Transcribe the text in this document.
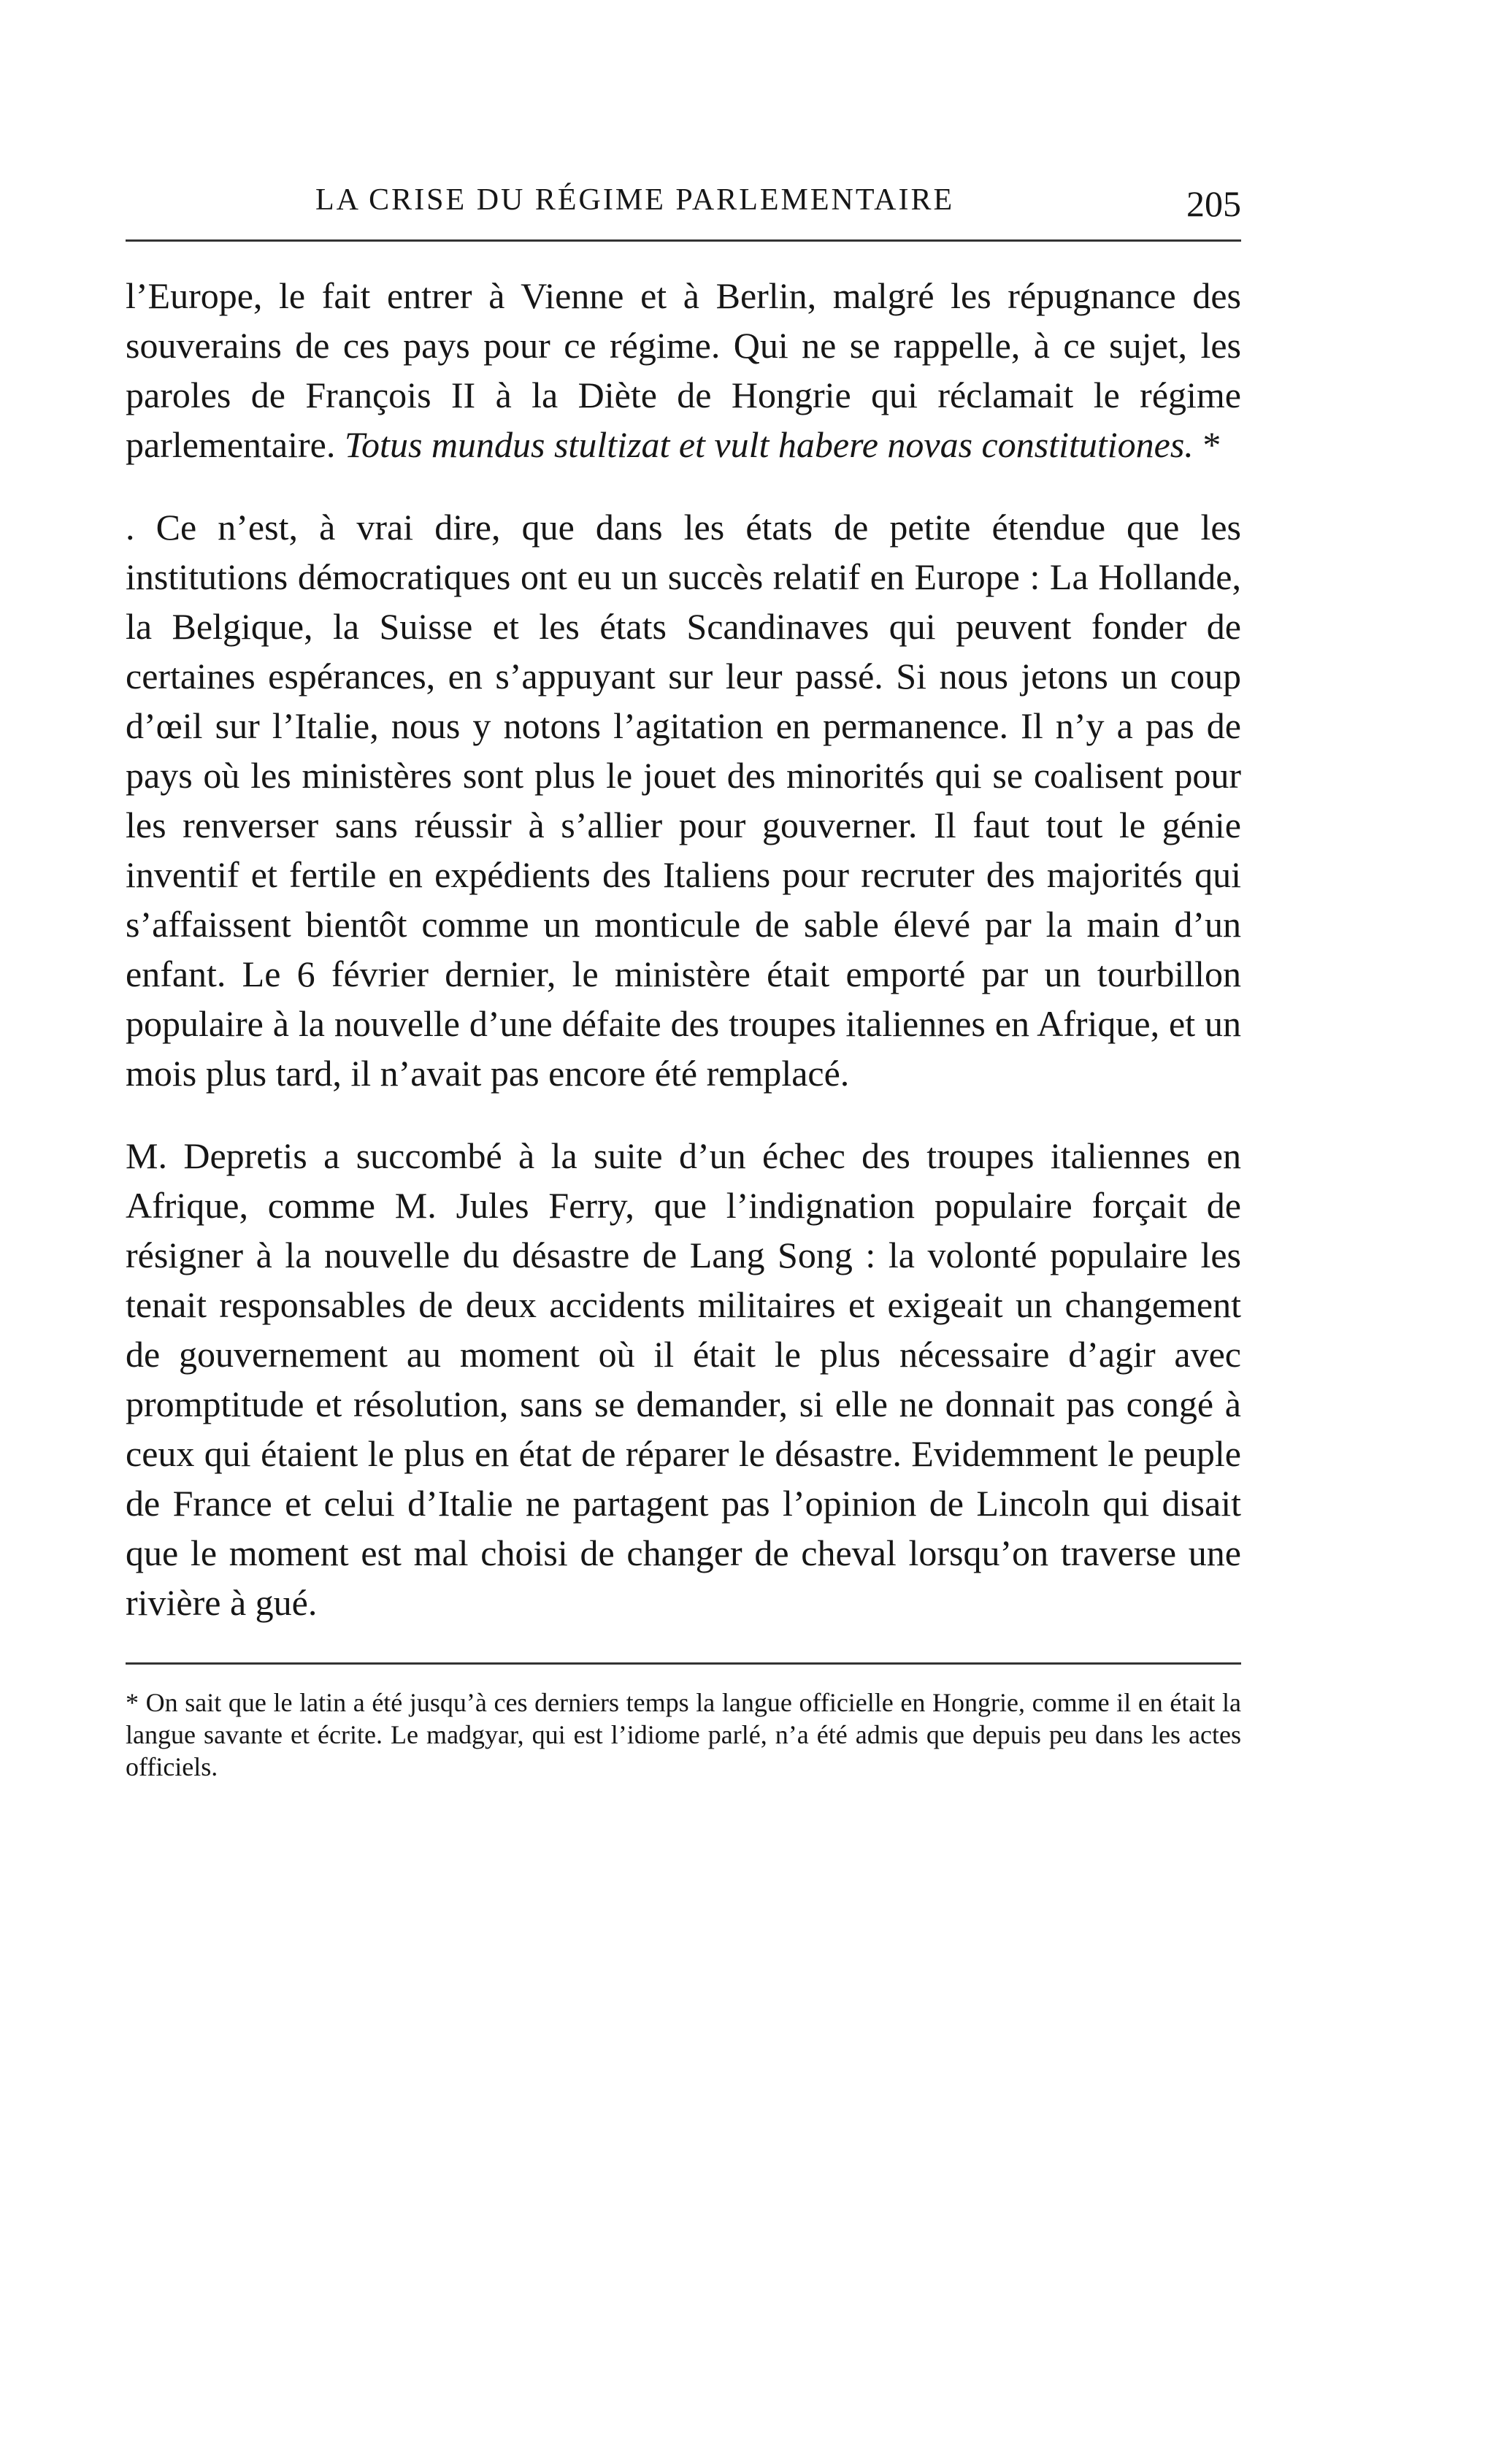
LA CRISE DU RÉGIME PARLEMENTAIRE	205

l’Europe, le fait entrer à Vienne et à Berlin, malgré les répugnance des souverains de ces pays pour ce régime. Qui ne se rappelle, à ce sujet, les paroles de François II à la Diète de Hongrie qui réclamait le régime parlementaire. Totus mundus stultizat et vult habere novas constitutiones. *

. Ce n’est, à vrai dire, que dans les états de petite étendue que les institutions démocratiques ont eu un succès relatif en Europe : La Hollande, la Belgique, la Suisse et les états Scandinaves qui peuvent fonder de certaines espérances, en s’appuyant sur leur passé. Si nous jetons un coup d’œil sur l’Italie, nous y notons l’agitation en permanence. Il n’y a pas de pays où les ministères sont plus le jouet des minorités qui se coalisent pour les renverser sans réussir à s’allier pour gouverner. Il faut tout le génie inventif et fertile en expédients des Italiens pour recruter des majorités qui s’affaissent bientôt comme un monticule de sable élevé par la main d’un enfant. Le 6 février dernier, le ministère était emporté par un tourbillon populaire à la nouvelle d’une défaite des troupes italiennes en Afrique, et un mois plus tard, il n’avait pas encore été remplacé.

M. Depretis a succombé à la suite d’un échec des troupes italiennes en Afrique, comme M. Jules Ferry, que l’indignation populaire forçait de résigner à la nouvelle du désastre de Lang Song : la volonté populaire les tenait responsables de deux accidents militaires et exigeait un changement de gouvernement au moment où il était le plus nécessaire d’agir avec promptitude et résolution, sans se demander, si elle ne donnait pas congé à ceux qui étaient le plus en état de réparer le désastre. Evidemment le peuple de France et celui d’Italie ne partagent pas l’opinion de Lincoln qui disait que le moment est mal choisi de changer de cheval lorsqu’on traverse une rivière à gué.

* On sait que le latin a été jusqu’à ces derniers temps la langue officielle en Hongrie, comme il en était la langue savante et écrite. Le madgyar, qui est l’idiome parlé, n’a été admis que depuis peu dans les actes officiels.
